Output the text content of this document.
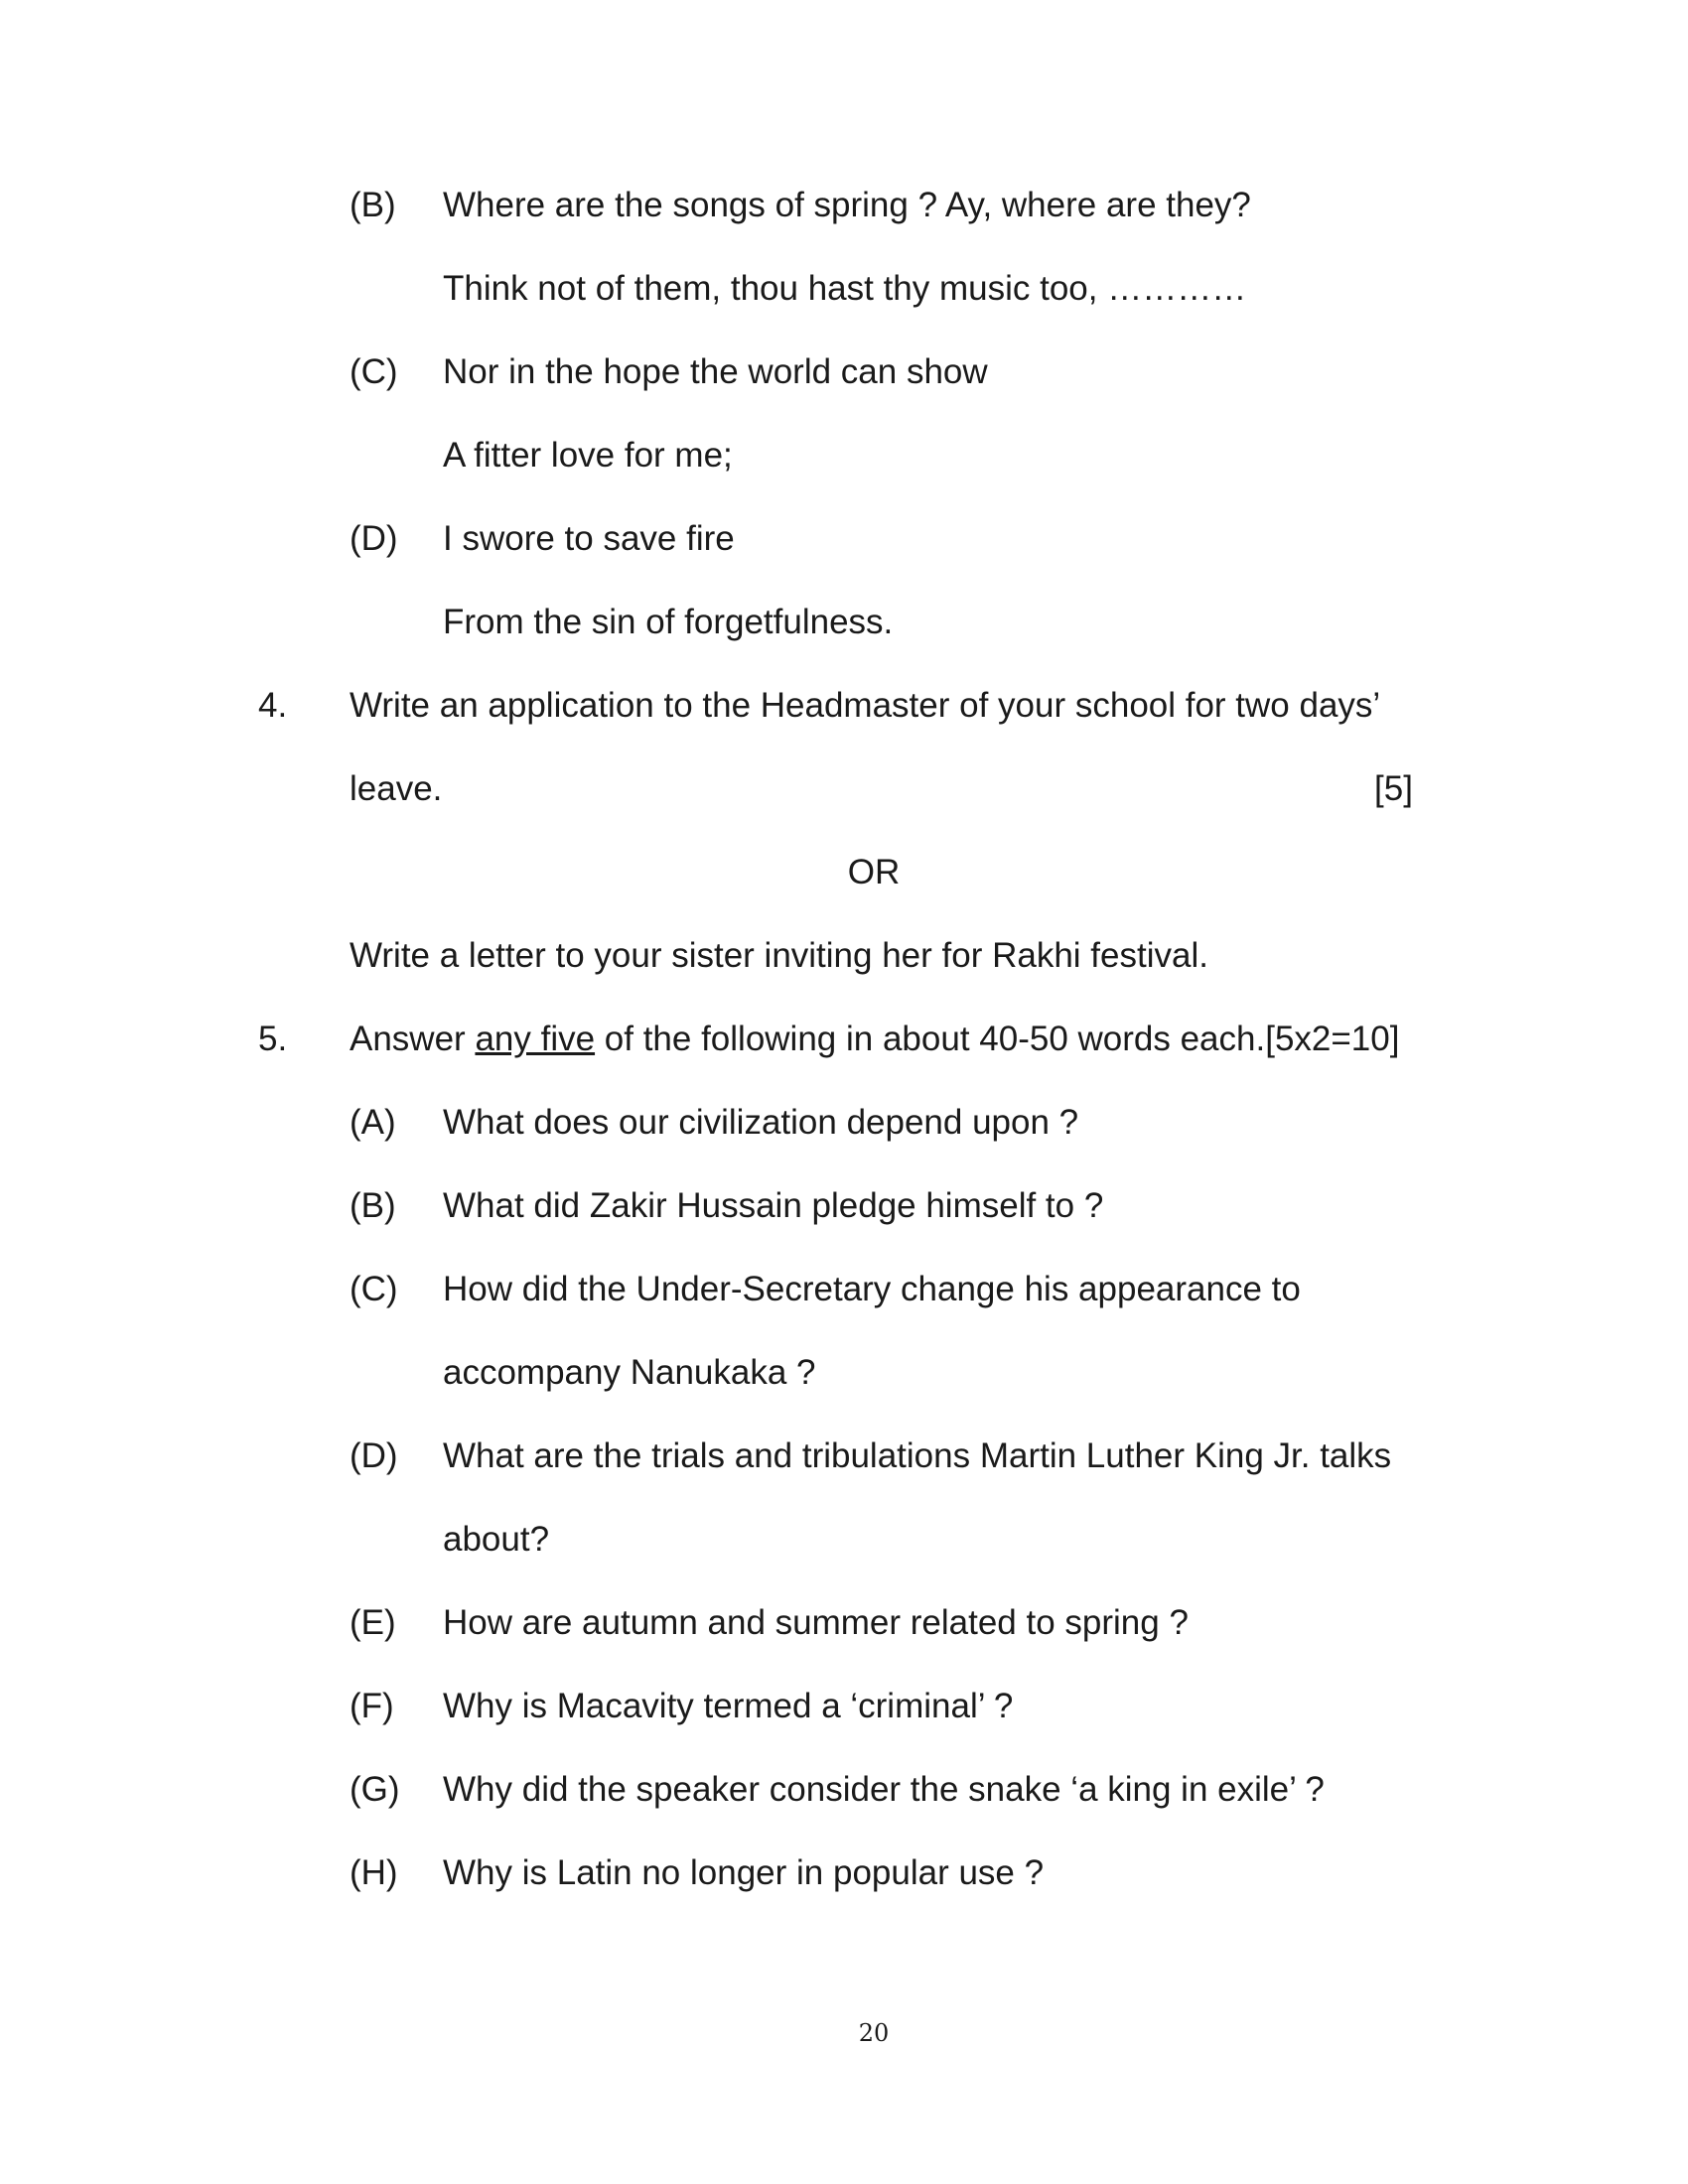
(B) Where are the songs of spring ? Ay, where are they?
Think not of them, thou hast thy music too, …………
(C) Nor in the hope the world can show
A fitter love for me;
(D) I swore to save fire
From the sin of forgetfulness.
4. Write an application to the Headmaster of your school for two days’
leave.	[5]
OR
Write a letter to your sister inviting her for Rakhi festival.
5. Answer any five of the following in about 40-50 words each.[5x2=10]
(A) What does our civilization depend upon ?
(B) What did Zakir Hussain pledge himself to ?
(C) How did the Under-Secretary change his appearance to
accompany Nanukaka ?
(D) What are the trials and tribulations Martin Luther King Jr. talks
about?
(E) How are autumn and summer related to spring ?
(F) Why is Macavity termed a ‘criminal’ ?
(G) Why did the speaker consider the snake ‘a king in exile’ ?
(H) Why is Latin no longer in popular use ?
20
